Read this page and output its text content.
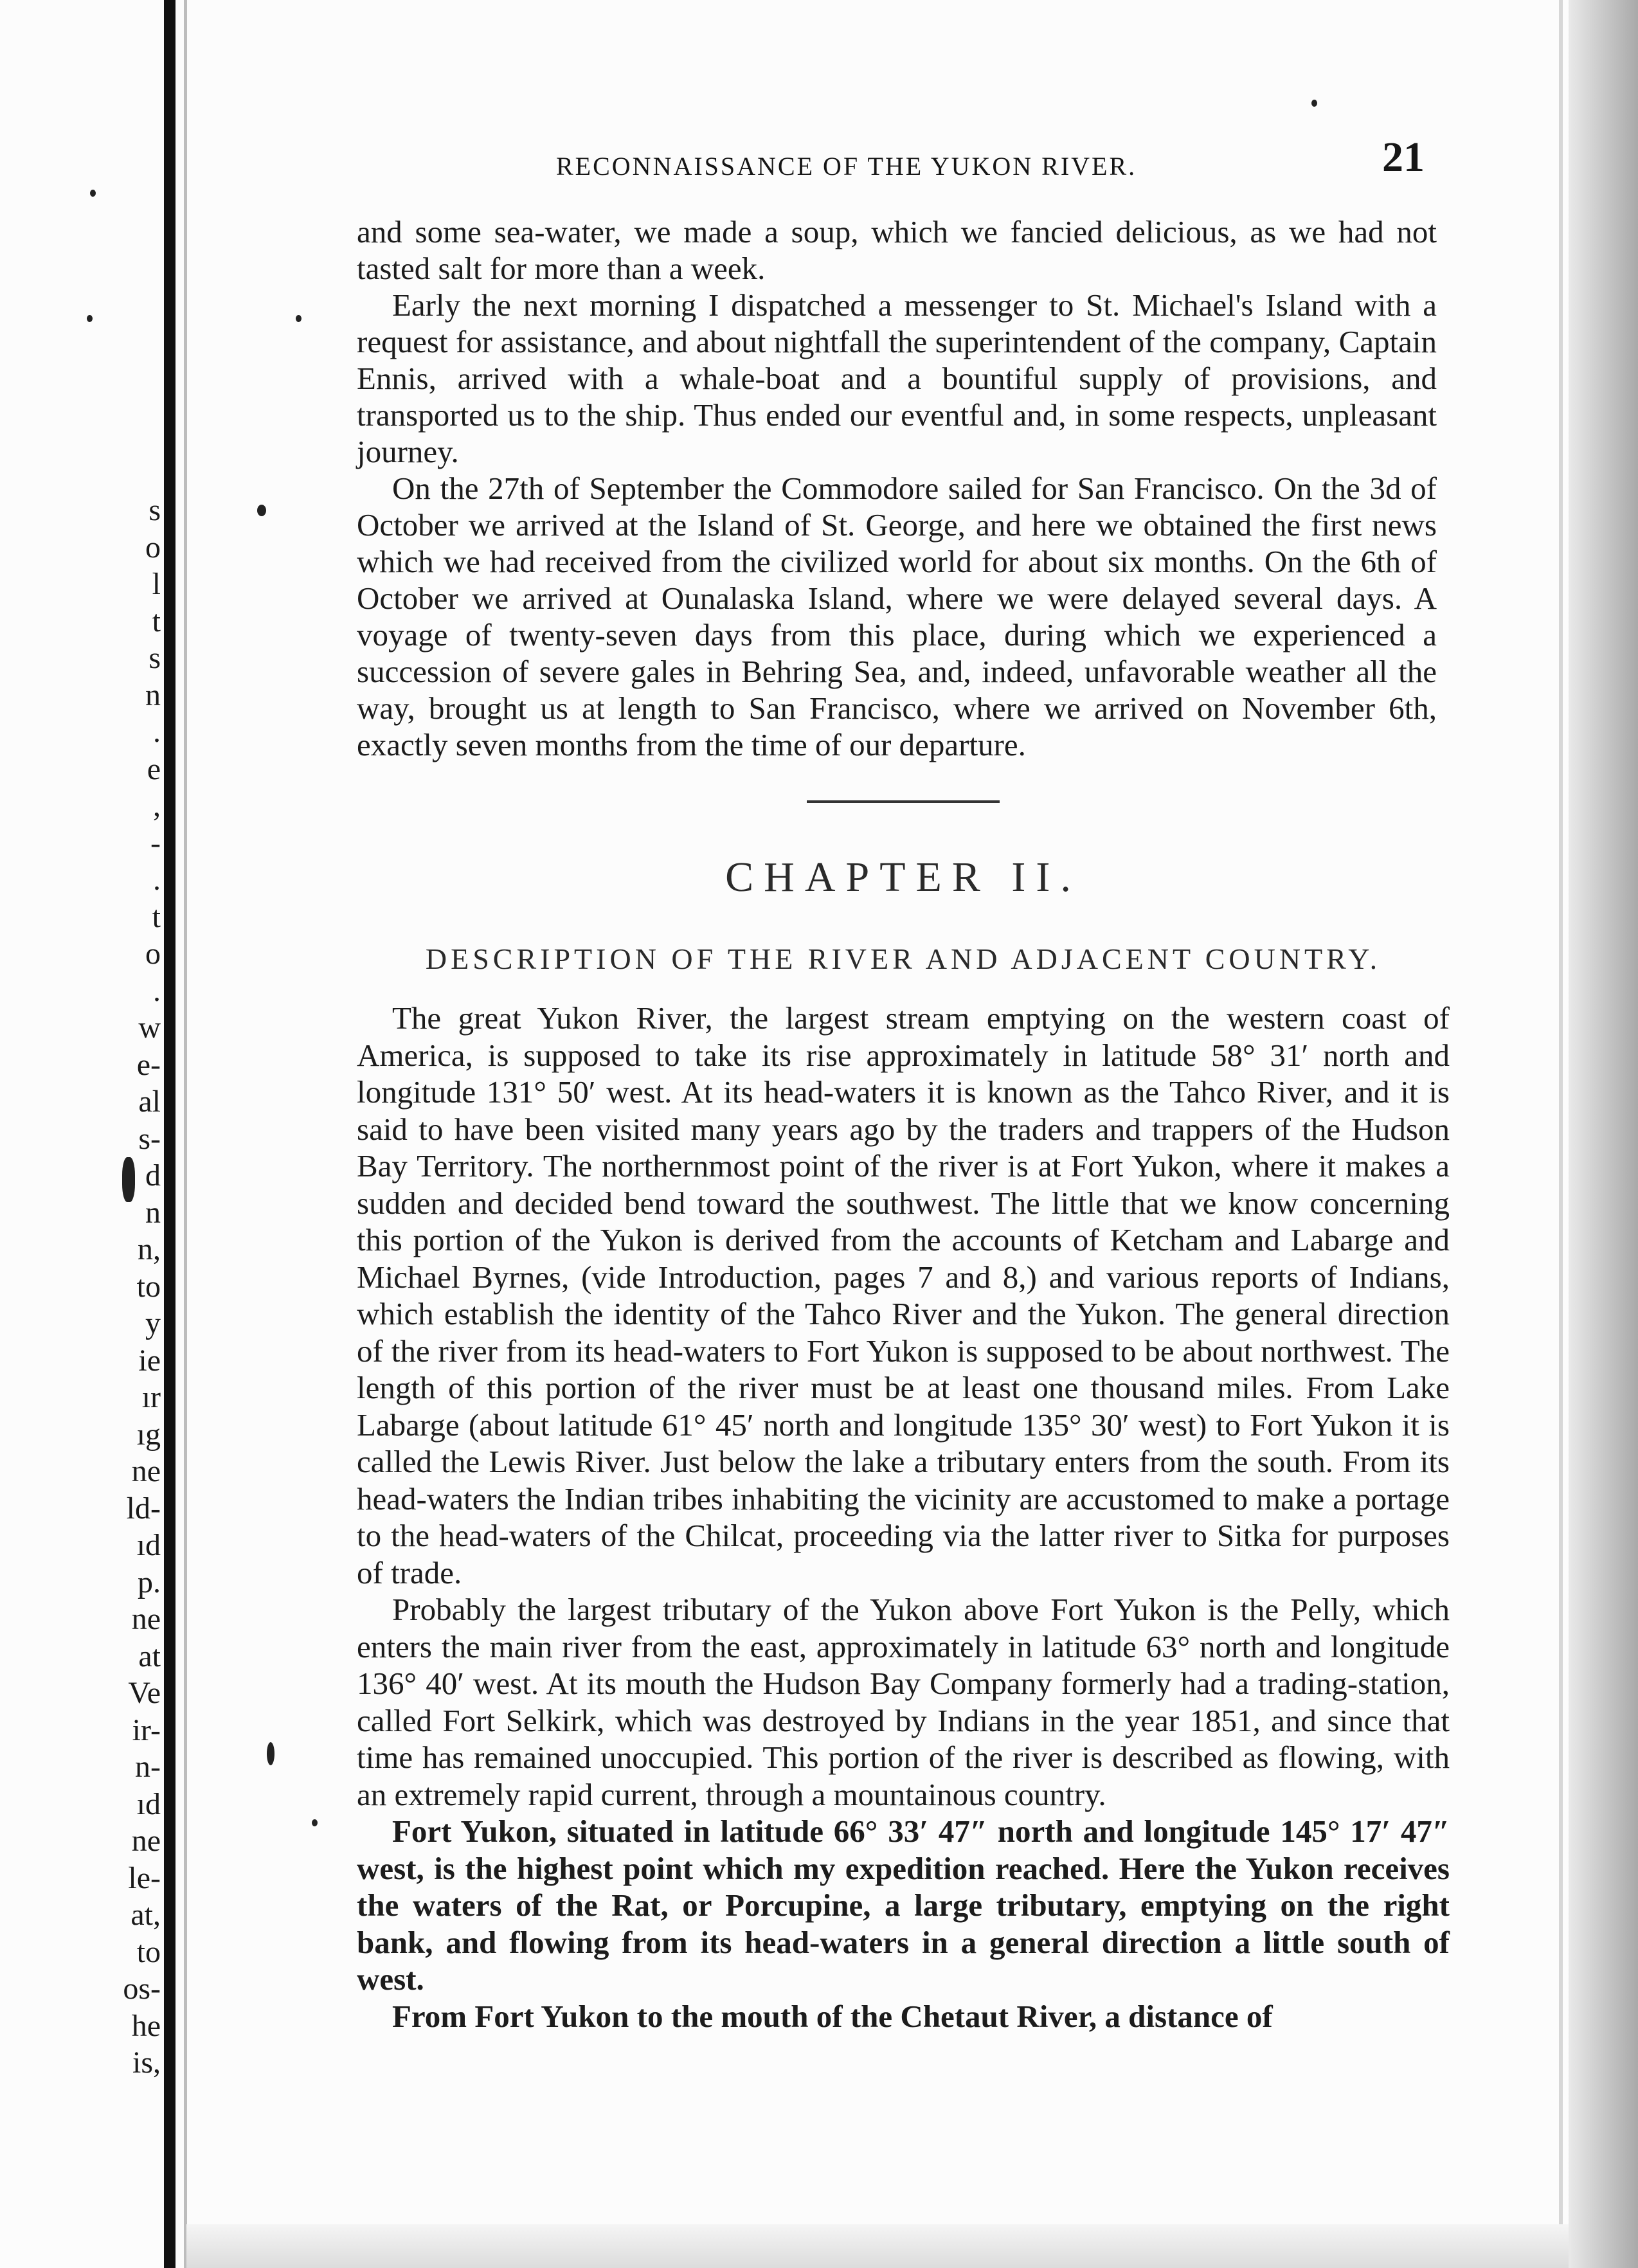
s
o
l
t
s
n
.
e
,
-
.
t
o
.
w
e-
al
s-
d
n
n,
to
y
ie
ır
ıg
ne
ld-
ıd
p.
ne
at
Ve
ir-
n-
ıd
ne
le-
at,
to
os-
he
is,
RECONNAISSANCE OF THE YUKON RIVER.	21

and some sea-water, we made a soup, which we fancied delicious, as we had not tasted salt for more than a week.

Early the next morning I dispatched a messenger to St. Michael's Island with a request for assistance, and about nightfall the superintendent of the company, Captain Ennis, arrived with a whale-boat and a bountiful supply of provisions, and transported us to the ship. Thus ended our eventful and, in some respects, unpleasant journey.

On the 27th of September the Commodore sailed for San Francisco. On the 3d of October we arrived at the Island of St. George, and here we obtained the first news which we had received from the civilized world for about six months. On the 6th of October we arrived at Ounalaska Island, where we were delayed several days. A voyage of twenty-seven days from this place, during which we experienced a succession of severe gales in Behring Sea, and, indeed, unfavorable weather all the way, brought us at length to San Francisco, where we arrived on November 6th, exactly seven months from the time of our departure.

CHAPTER II.
DESCRIPTION OF THE RIVER AND ADJACENT COUNTRY.

The great Yukon River, the largest stream emptying on the western coast of America, is supposed to take its rise approximately in latitude 58° 31′ north and longitude 131° 50′ west. At its head-waters it is known as the Tahco River, and it is said to have been visited many years ago by the traders and trappers of the Hudson Bay Territory. The northernmost point of the river is at Fort Yukon, where it makes a sudden and decided bend toward the southwest. The little that we know concerning this portion of the Yukon is derived from the accounts of Ketcham and Labarge and Michael Byrnes, (vide Introduction, pages 7 and 8,) and various reports of Indians, which establish the identity of the Tahco River and the Yukon. The general direction of the river from its head-waters to Fort Yukon is supposed to be about northwest. The length of this portion of the river must be at least one thousand miles. From Lake Labarge (about latitude 61° 45′ north and longitude 135° 30′ west) to Fort Yukon it is called the Lewis River. Just below the lake a tributary enters from the south. From its head-waters the Indian tribes inhabiting the vicinity are accustomed to make a portage to the head-waters of the Chilcat, proceeding via the latter river to Sitka for purposes of trade.

Probably the largest tributary of the Yukon above Fort Yukon is the Pelly, which enters the main river from the east, approximately in latitude 63° north and longitude 136° 40′ west. At its mouth the Hudson Bay Company formerly had a trading-station, called Fort Selkirk, which was destroyed by Indians in the year 1851, and since that time has remained unoccupied. This portion of the river is described as flowing, with an extremely rapid current, through a mountainous country.

Fort Yukon, situated in latitude 66° 33′ 47″ north and longitude 145° 17′ 47″ west, is the highest point which my expedition reached. Here the Yukon receives the waters of the Rat, or Porcupine, a large tributary, emptying on the right bank, and flowing from its head-waters in a general direction a little south of west.

From Fort Yukon to the mouth of the Chetaut River, a distance of
